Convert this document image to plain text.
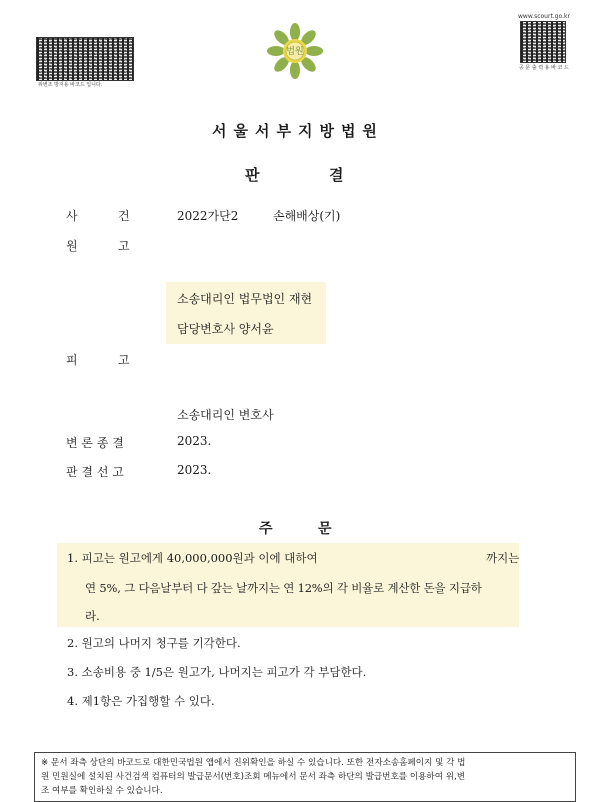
위변조 방지용 바코드 입니다.
법원
www.scourt.go.kr
공 문 출 력 용 바 코 드
서울서부지방법원
판	결
사	건	2022가단2	손해배상(기)
원	고
소송대리인 법무법인 재현
담당변호사 양서윤
피	고
소송대리인 변호사
변 론 종 결	2023.
판 결 선 고	2023.
주	문
1. 피고는 원고에게 40,000,000원과 이에 대하여	까지는
연 5%, 그 다음날부터 다 갚는 날까지는 연 12%의 각 비율로 계산한 돈을 지급하
라.
2. 원고의 나머지 청구를 기각한다.
3. 소송비용 중 1/5은 원고가, 나머지는 피고가 각 부담한다.
4. 제1항은 가집행할 수 있다.
※ 문서 좌측 상단의 바코드로 대한민국법원 앱에서 진위확인을 하실 수 있습니다. 또한 전자소송홈페이지 및 각 법
원 민원실에 설치된 사건검색 컴퓨터의 발급문서(번호)조회 메뉴에서 문서 좌측 하단의 발급번호를 이용하여 위,변
조 여부를 확인하실 수 있습니다.
